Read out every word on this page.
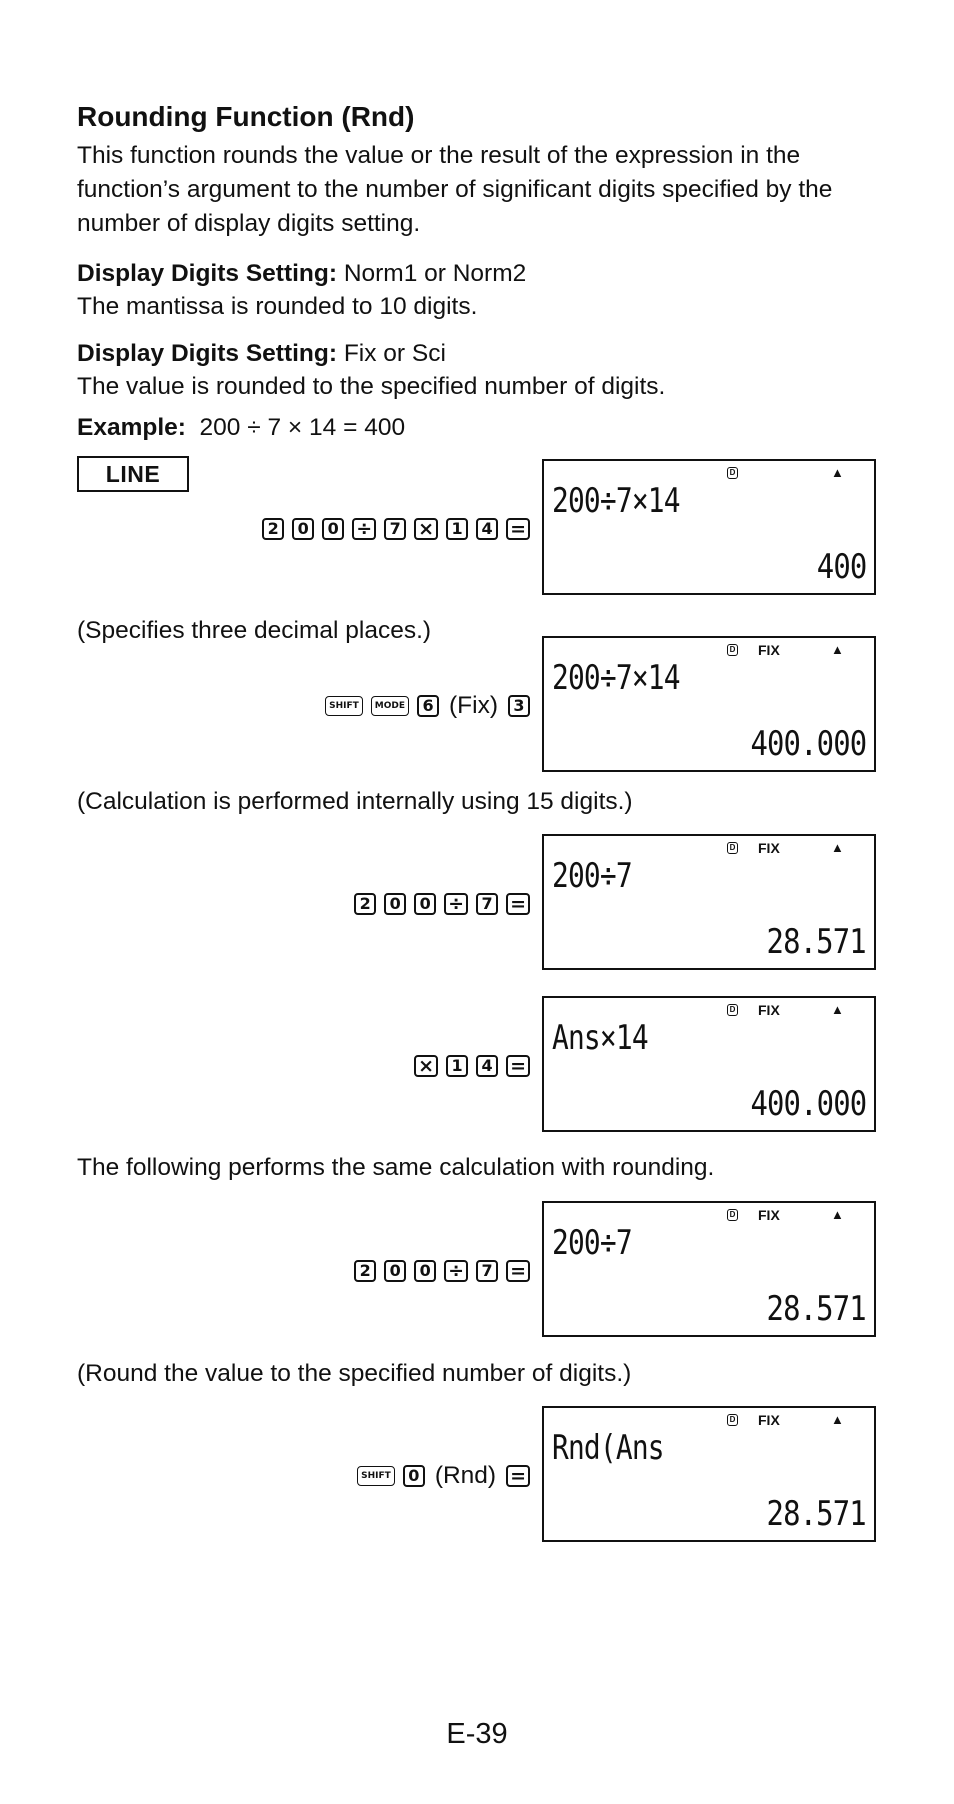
Rounding Function (Rnd)
This function rounds the value or the result of the expression in the function’s argument to the number of significant digits specified by the number of display digits setting.
Display Digits Setting: Norm1 or Norm2
The mantissa is rounded to 10 digits.
Display Digits Setting: Fix or Sci
The value is rounded to the specified number of digits.
Example:  200 ÷ 7 × 14 = 400
LINE
2	0	0 ÷	7 ×	1	4 =
D	▲
200÷7×14
400
(Specifies three decimal places.)
SHIFT	MODE	6 (Fix) 3
D FIX	▲
200÷7×14
400.000
(Calculation is performed internally using 15 digits.)
2	0	0 ÷	7 =
D FIX	▲
200÷7
28.571
×	1	4 =
D FIX	▲
Ans×14
400.000
The following performs the same calculation with rounding.
2	0	0 ÷	7 =
D FIX	▲
200÷7
28.571
(Round the value to the specified number of digits.)
SHIFT	0 (Rnd) =
D FIX	▲
Rnd(Ans
28.571
E-39
